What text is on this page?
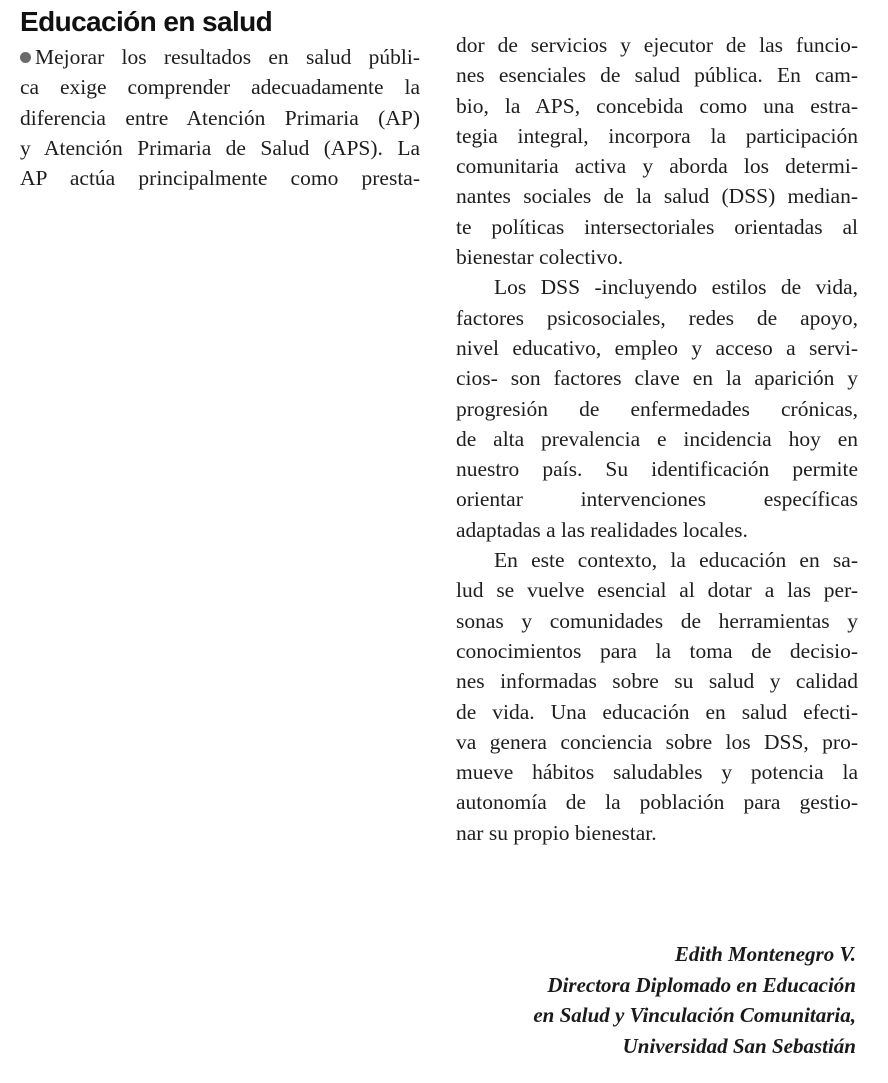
Educación en salud
Mejorar los resultados en salud públi-
ca exige comprender adecuadamente la
diferencia entre Atención Primaria (AP)
y Atención Primaria de Salud (APS). La
AP actúa principalmente como presta-
dor de servicios y ejecutor de las funcio-
nes esenciales de salud pública. En cam-
bio, la APS, concebida como una estra-
tegia integral, incorpora la participación
comunitaria activa y aborda los determi-
nantes sociales de la salud (DSS) median-
te políticas intersectoriales orientadas al
bienestar colectivo.
Los DSS -incluyendo estilos de vida,
factores psicosociales, redes de apoyo,
nivel educativo, empleo y acceso a servi-
cios- son factores clave en la aparición y
progresión de enfermedades crónicas,
de alta prevalencia e incidencia hoy en
nuestro país. Su identificación permite
orientar intervenciones específicas
adaptadas a las realidades locales.
En este contexto, la educación en sa-
lud se vuelve esencial al dotar a las per-
sonas y comunidades de herramientas y
conocimientos para la toma de decisio-
nes informadas sobre su salud y calidad
de vida. Una educación en salud efecti-
va genera conciencia sobre los DSS, pro-
mueve hábitos saludables y potencia la
autonomía de la población para gestio-
nar su propio bienestar.
Edith Montenegro V.
Directora Diplomado en Educación
en Salud y Vinculación Comunitaria,
Universidad San Sebastián
